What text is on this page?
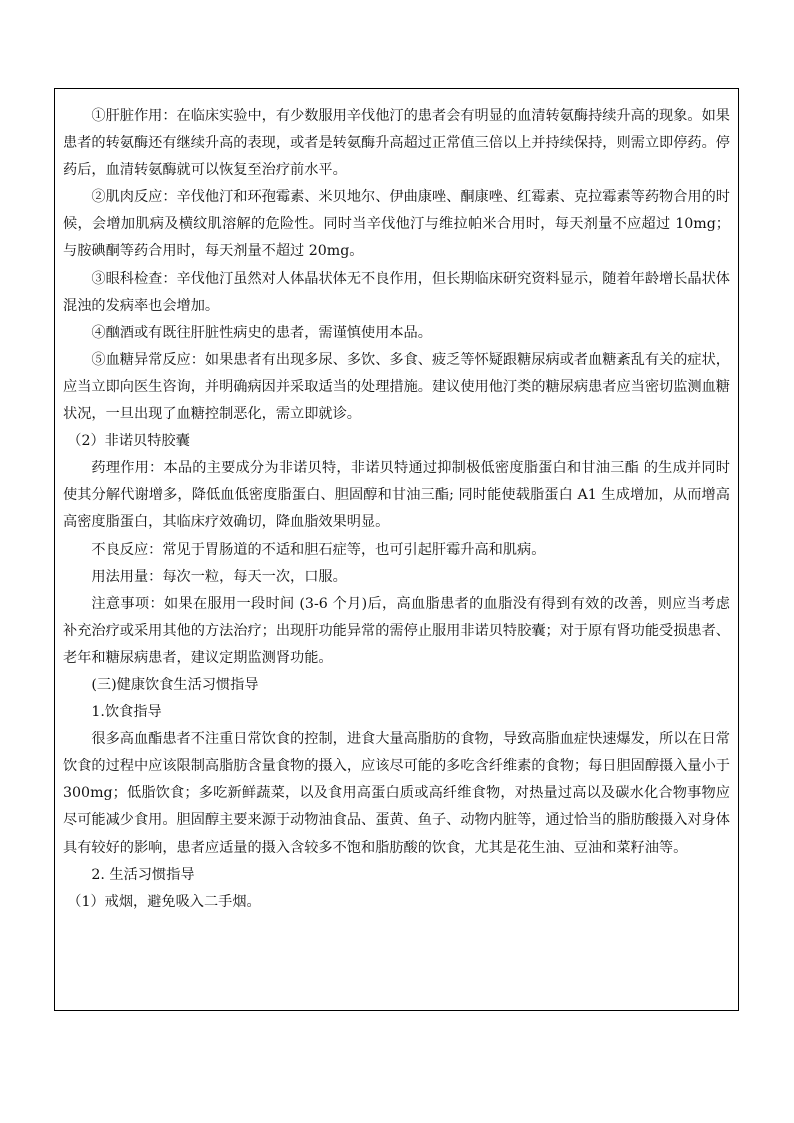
①肝脏作用：在临床实验中，有少数服用辛伐他汀的患者会有明显的血清转氨酶持续升高的现象。如果患者的转氨酶还有继续升高的表现，或者是转氨酶升高超过正常值三倍以上并持续保持，则需立即停药。停药后，血清转氨酶就可以恢复至治疗前水平。

②肌肉反应：辛伐他汀和环孢霉素、米贝地尔、伊曲康唑、酮康唑、红霉素、克拉霉素等药物合用的时候，会增加肌病及横纹肌溶解的危险性。同时当辛伐他汀与维拉帕米合用时，每天剂量不应超过 10mg；与胺碘酮等药合用时，每天剂量不超过 20mg。

③眼科检查：辛伐他汀虽然对人体晶状体无不良作用，但长期临床研究资料显示，随着年龄增长晶状体混浊的发病率也会增加。

④酗酒或有既往肝脏性病史的患者，需谨慎使用本品。

⑤血糖异常反应：如果患者有出现多尿、多饮、多食、疲乏等怀疑跟糖尿病或者血糖紊乱有关的症状，应当立即向医生咨询，并明确病因并采取适当的处理措施。建议使用他汀类的糖尿病患者应当密切监测血糖状况，一旦出现了血糖控制恶化，需立即就诊。

（2）非诺贝特胶囊

药理作用：本品的主要成分为非诺贝特，非诺贝特通过抑制极低密度脂蛋白和甘油三酯 的生成并同时使其分解代谢增多，降低血低密度脂蛋白、胆固醇和甘油三酯; 同时能使载脂蛋白 A1 生成增加，从而增高高密度脂蛋白，其临床疗效确切，降血脂效果明显。

不良反应：常见于胃肠道的不适和胆石症等，也可引起肝霉升高和肌病。

用法用量：每次一粒，每天一次，口服。

注意事项：如果在服用一段时间 (3-6 个月)后，高血脂患者的血脂没有得到有效的改善，则应当考虑补充治疗或采用其他的方法治疗；出现肝功能异常的需停止服用非诺贝特胶囊；对于原有肾功能受损患者、老年和糖尿病患者，建议定期监测肾功能。

(三)健康饮食生活习惯指导

1.饮食指导

很多高血酯患者不注重日常饮食的控制，进食大量高脂肪的食物，导致高脂血症快速爆发，所以在日常饮食的过程中应该限制高脂肪含量食物的摄入，应该尽可能的多吃含纤维素的食物；每日胆固醇摄入量小于300mg；低脂饮食；多吃新鲜蔬菜，以及食用高蛋白质或高纤维食物，对热量过高以及碳水化合物事物应尽可能减少食用。胆固醇主要来源于动物油食品、蛋黄、鱼子、动物内脏等，通过恰当的脂肪酸摄入对身体具有较好的影响，患者应适量的摄入含较多不饱和脂肪酸的饮食，尤其是花生油、豆油和菜籽油等。

2. 生活习惯指导

（1）戒烟，避免吸入二手烟。
